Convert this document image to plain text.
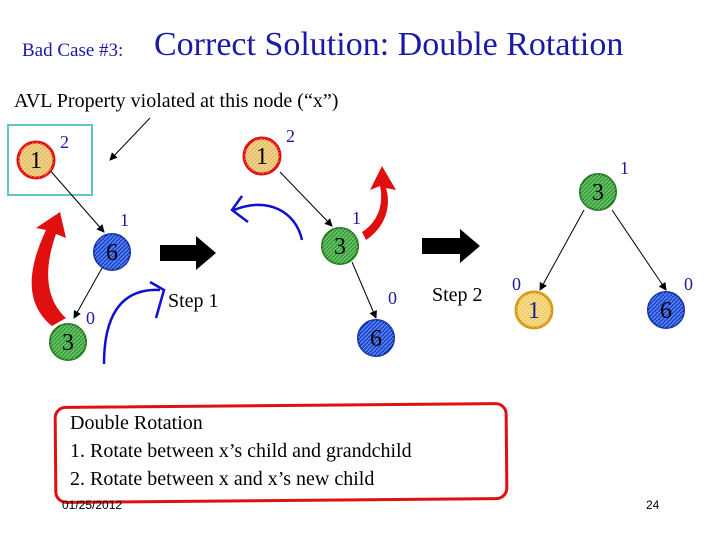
Bad Case #3: Correct Solution: Double Rotation
AVL Property violated at this node (“x”)
1
2
6
1
3
0
1
2
3
1
6
0
3
1
1
0
6
0
Step 1	Step 2
Double Rotation
1. Rotate between x’s child and grandchild
2. Rotate between x and x’s new child
01/25/2012	24
